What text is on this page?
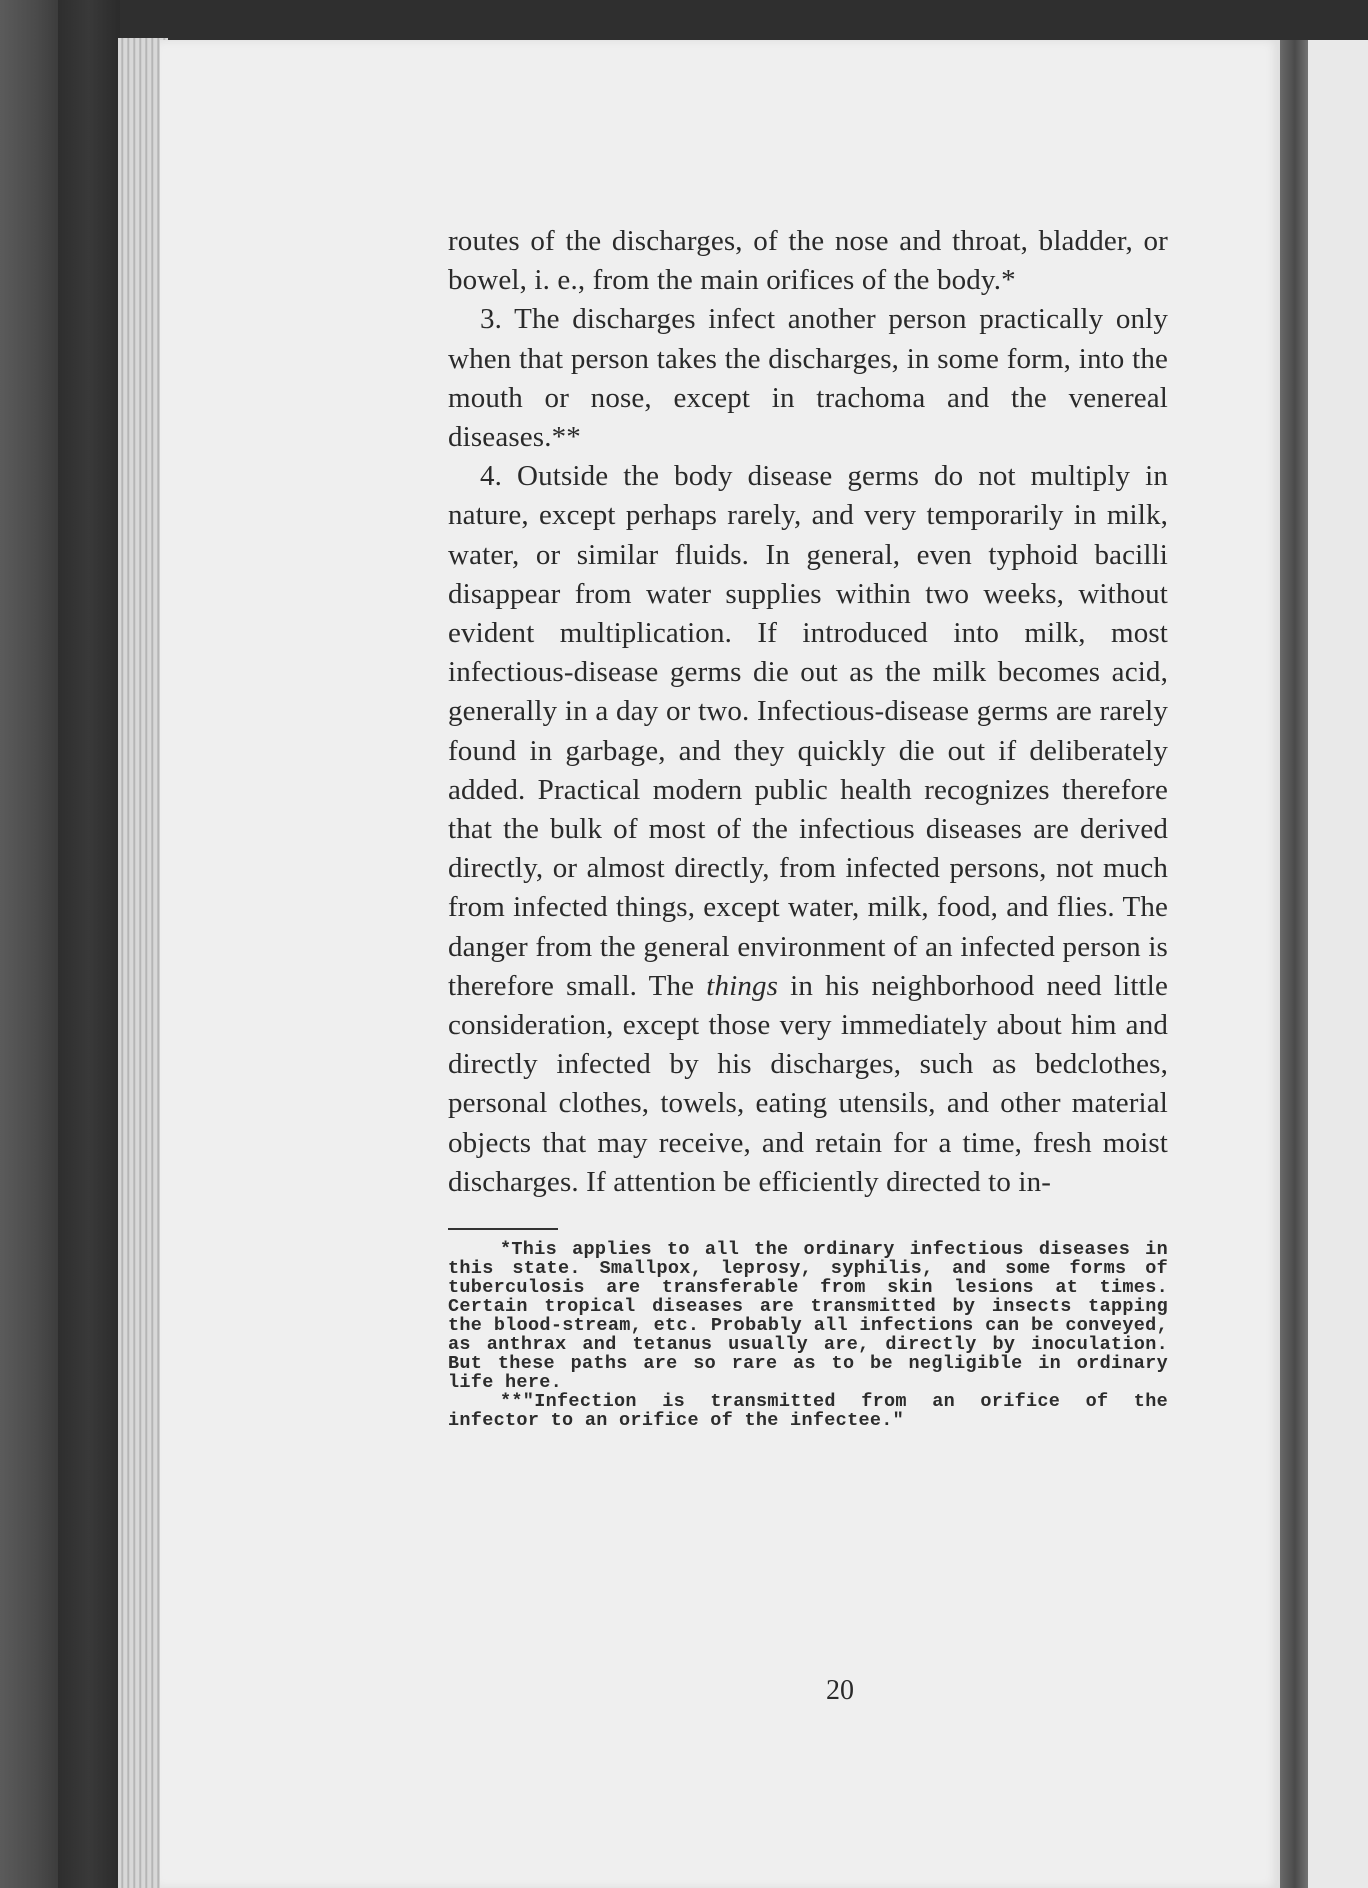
routes of the discharges, of the nose and throat, bladder, or bowel, i. e., from the main orifices of the body.*

3. The discharges infect another person practically only when that person takes the discharges, in some form, into the mouth or nose, except in trachoma and the venereal diseases.**

4. Outside the body disease germs do not multiply in nature, except perhaps rarely, and very temporarily in milk, water, or similar fluids. In general, even typhoid bacilli disappear from water supplies within two weeks, without evident multiplication. If introduced into milk, most infectious-disease germs die out as the milk becomes acid, generally in a day or two. Infectious-disease germs are rarely found in garbage, and they quickly die out if deliberately added. Practical modern public health recognizes therefore that the bulk of most of the infectious diseases are derived directly, or almost directly, from infected persons, not much from infected things, except water, milk, food, and flies. The danger from the general environment of an infected person is therefore small. The things in his neighborhood need little consideration, except those very immediately about him and directly infected by his discharges, such as bedclothes, personal clothes, towels, eating utensils, and other material objects that may receive, and retain for a time, fresh moist discharges. If attention be efficiently directed to in-

*This applies to all the ordinary infectious diseases in this state. Smallpox, leprosy, syphilis, and some forms of tuberculosis are transferable from skin lesions at times. Certain tropical diseases are transmitted by insects tapping the blood-stream, etc. Probably all infections can be conveyed, as anthrax and tetanus usually are, directly by inoculation. But these paths are so rare as to be negligible in ordinary life here.

**"Infection is transmitted from an orifice of the infector to an orifice of the infectee."

20
